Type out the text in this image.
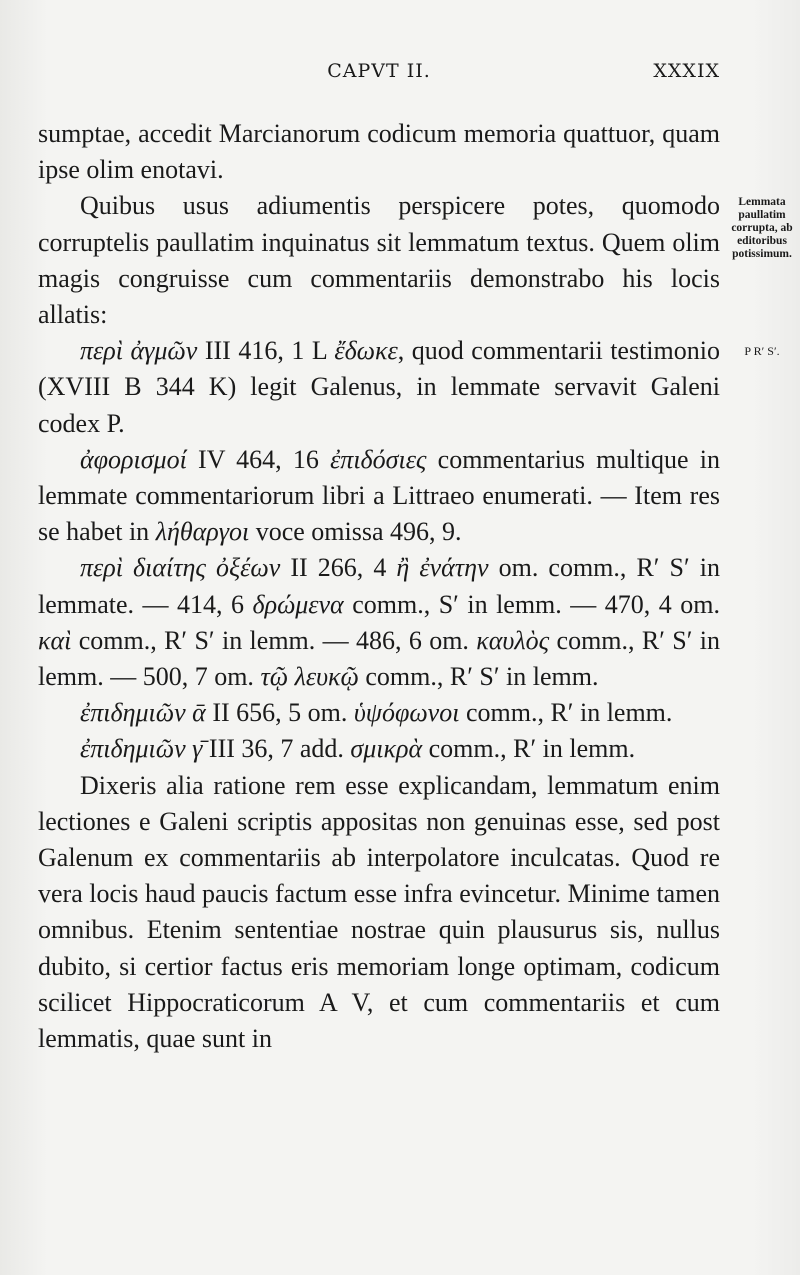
CAPVT II.	XXXIX

sumptae, accedit Marcianorum codicum memoria quattuor, quam ipse olim enotavi.

Quibus usus adiumentis perspicere potes, quomodo corruptelis paullatim inquinatus sit lemmatum textus. Quem olim magis congruisse cum commentariis demonstrabo his locis allatis:

περὶ ἀγμῶν III 416, 1 L ἔδωκε, quod commentarii testimonio (XVIII B 344 K) legit Galenus, in lemmate servavit Galeni codex P.

ἀφορισμοί IV 464, 16 ἐπιδόσιες commentarius multique in lemmate commentariorum libri a Littraeo enumerati. — Item res se habet in λήθαργοι voce omissa 496, 9.

περὶ διαίτης ὀξέων II 266, 4 ἢ ἐνάτην om. comm., R′ S′ in lemmate. — 414, 6 δρώμενα comm., S′ in lemm. — 470, 4 om. καὶ comm., R′ S′ in lemm. — 486, 6 om. καυλὸς comm., R′ S′ in lemm. — 500, 7 om. τῷ λευκῷ comm., R′ S′ in lemm.

ἐπιδημιῶν ᾱ II 656, 5 om. ὑψόφωνοι comm., R′ in lemm.

ἐπιδημιῶν γ̄ III 36, 7 add. σμικρὰ comm., R′ in lemm.

Dixeris alia ratione rem esse explicandam, lemmatum enim lectiones e Galeni scriptis appositas non genuinas esse, sed post Galenum ex commentariis ab interpolatore inculcatas. Quod re vera locis haud paucis factum esse infra evincetur. Minime tamen omnibus. Etenim sententiae nostrae quin plausurus sis, nullus dubito, si certior factus eris memoriam longe optimam, codicum scilicet Hippocraticorum A V, et cum commentariis et cum lemmatis, quae sunt in

Lemmata paullatim corrupta, ab editoribus potissimum.
P R′ S′.
